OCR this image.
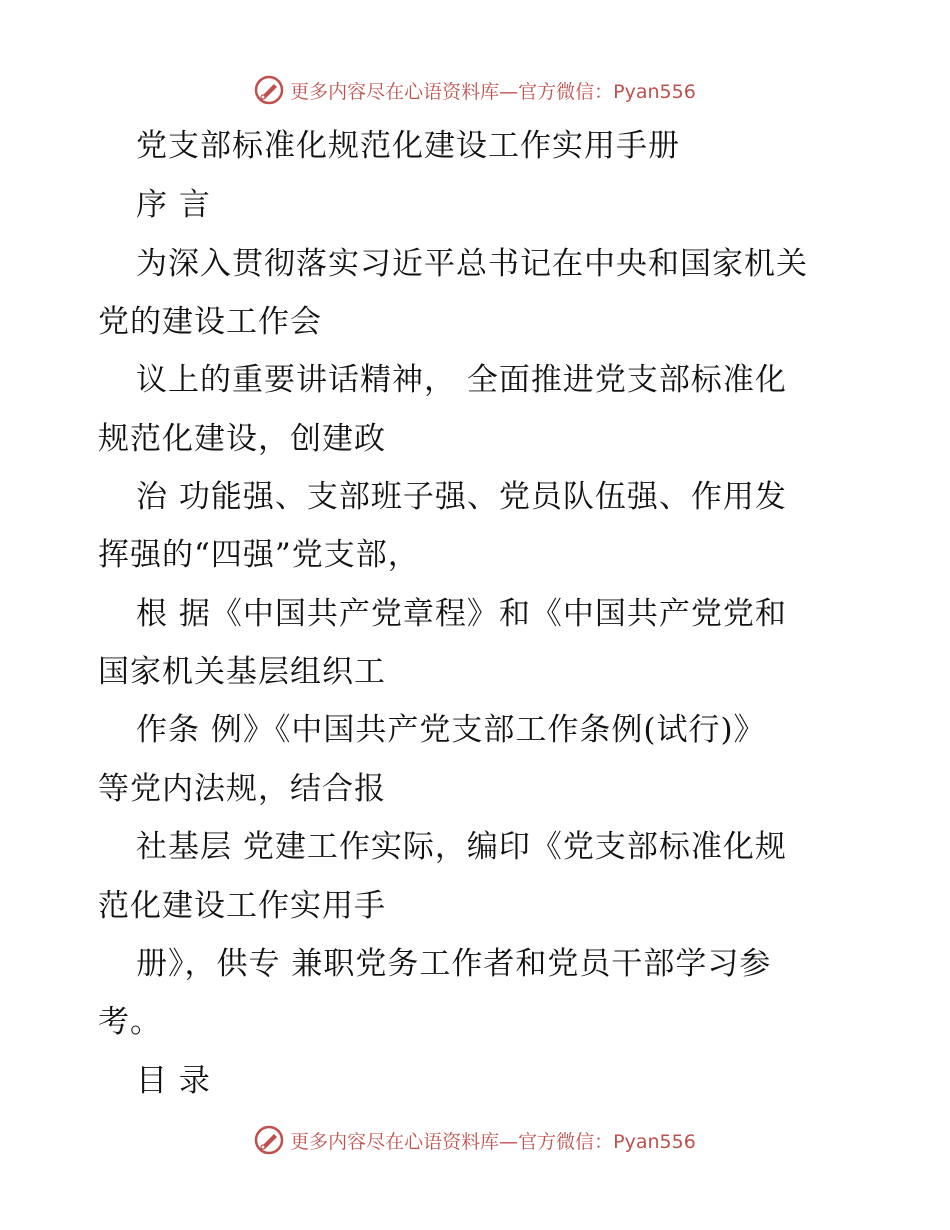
更多内容尽在心语资料库—官方微信：Pyan556
党支部标准化规范化建设工作实用手册
序 言
为深入贯彻落实习近平总书记在中央和国家机关
党的建设工作会
议上的重要讲话精神， 全面推进党支部标准化
规范化建设，创建政
治 功能强、支部班子强、党员队伍强、作用发
挥强的“四强”党支部，
根 据《中国共产党章程》和《中国共产党党和
国家机关基层组织工
作条 例》《中国共产党支部工作条例(试行)》
等党内法规，结合报
社基层 党建工作实际，编印《党支部标准化规
范化建设工作实用手
册》，供专 兼职党务工作者和党员干部学习参
考。
目 录
更多内容尽在心语资料库—官方微信：Pyan556
